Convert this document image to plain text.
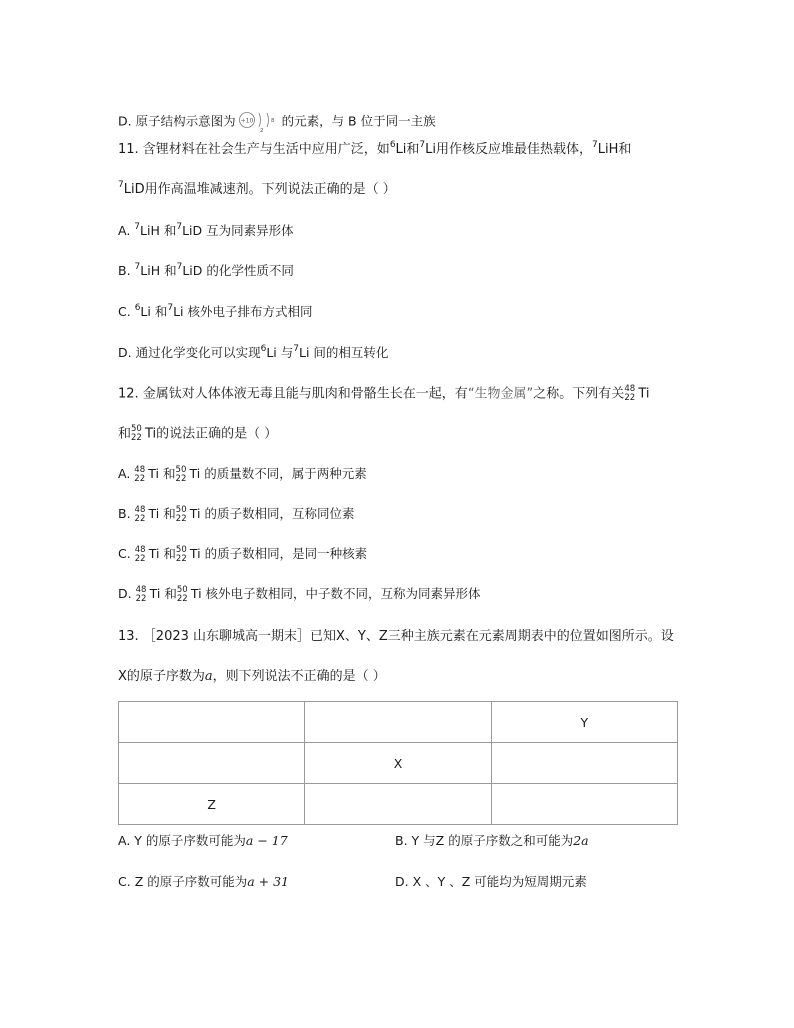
D. 原子结构示意图为 +10
2
8 的元素，与 B 位于同一主族
11. 含锂材料在社会生产与生活中应用广泛，如$^6$Li和$^7$Li用作核反应堆最佳热载体，$^7$LiH和
$^7$LiD用作高温堆减速剂。下列说法正确的是（ ）
A. $^7$LiH 和$^7$LiD 互为同素异形体
B. $^7$LiH 和$^7$LiD 的化学性质不同
C. $^6$Li 和$^7$Li 核外电子排布方式相同
D. 通过化学变化可以实现$^6$Li 与$^7$Li 间的相互转化
12. 金属钛对人体体液无毒且能与肌肉和骨骼生长在一起，有“生物金属”之称。下列有关 48
22 Ti
和 50
22 Ti的说法正确的是（ ）
A. 48
22 Ti 和 50
22 Ti 的质量数不同，属于两种元素
B. 48
22 Ti 和 50
22 Ti 的质子数相同，互称同位素
C. 48
22 Ti 和 50
22 Ti 的质子数相同，是同一种核素
D. 48
22 Ti 和 50
22 Ti 核外电子数相同，中子数不同，互称为同素异形体
13. ［2023 山东聊城高一期末］已知X、Y、Z三种主族元素在元素周期表中的位置如图所示。设
X的原子序数为a，则下列说法不正确的是（ ）
		Y
	X	
Z		
A. Y 的原子序数可能为a − 17	B. Y 与Z 的原子序数之和可能为2a
C. Z 的原子序数可能为a + 31	D. X 、Y 、Z 可能均为短周期元素
